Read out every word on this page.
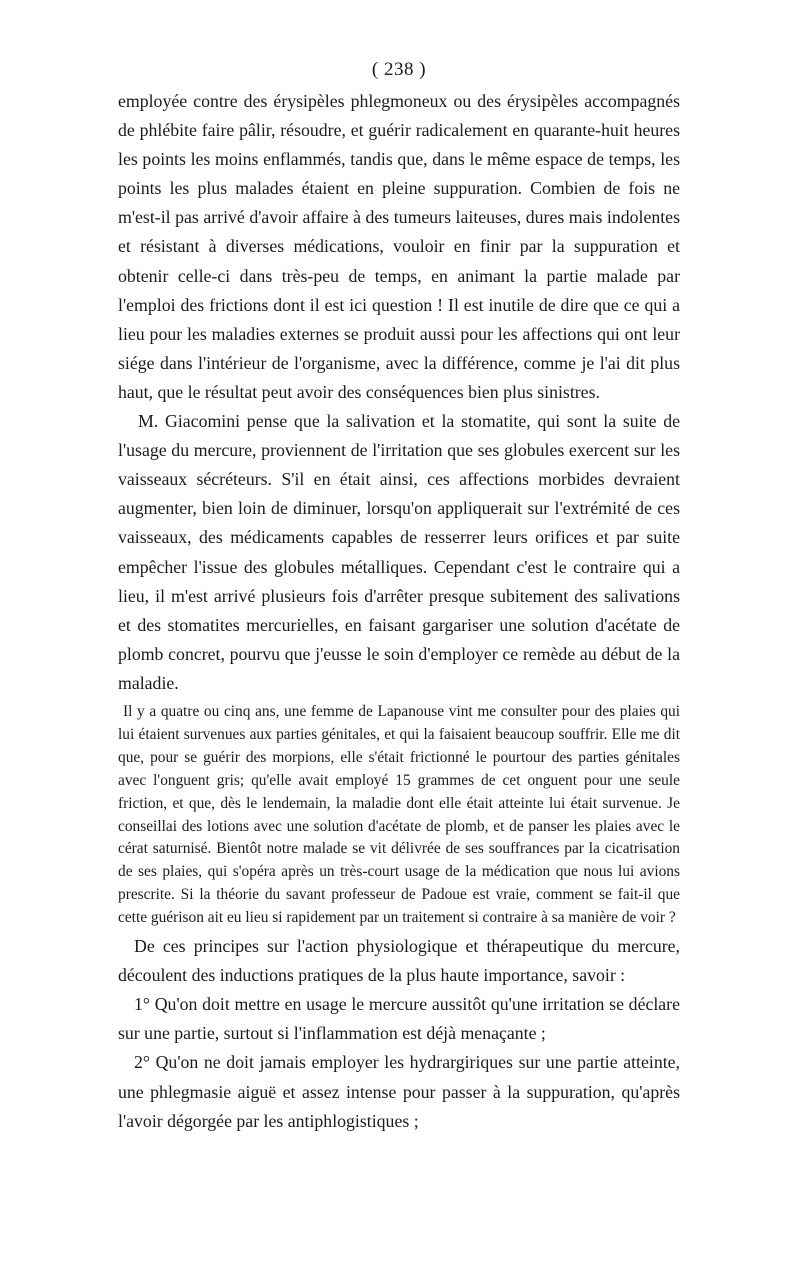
( 238 )

employée contre des érysipèles phlegmoneux ou des érysipèles accompagnés de phlébite faire pâlir, résoudre, et guérir radicalement en quarante-huit heures les points les moins enflammés, tandis que, dans le même espace de temps, les points les plus malades étaient en pleine suppuration. Combien de fois ne m'est-il pas arrivé d'avoir affaire à des tumeurs laiteuses, dures mais indolentes et résistant à diverses médications, vouloir en finir par la suppuration et obtenir celle-ci dans très-peu de temps, en animant la partie malade par l'emploi des frictions dont il est ici question ! Il est inutile de dire que ce qui a lieu pour les maladies externes se produit aussi pour les affections qui ont leur siége dans l'intérieur de l'organisme, avec la différence, comme je l'ai dit plus haut, que le résultat peut avoir des conséquences bien plus sinistres.

M. Giacomini pense que la salivation et la stomatite, qui sont la suite de l'usage du mercure, proviennent de l'irritation que ses globules exercent sur les vaisseaux sécréteurs. S'il en était ainsi, ces affections morbides devraient augmenter, bien loin de diminuer, lorsqu'on appliquerait sur l'extrémité de ces vaisseaux, des médicaments capables de resserrer leurs orifices et par suite empêcher l'issue des globules métalliques. Cependant c'est le contraire qui a lieu, il m'est arrivé plusieurs fois d'arrêter presque subitement des salivations et des stomatites mercurielles, en faisant gargariser une solution d'acétate de plomb concret, pourvu que j'eusse le soin d'employer ce remède au début de la maladie.

Il y a quatre ou cinq ans, une femme de Lapanouse vint me consulter pour des plaies qui lui étaient survenues aux parties génitales, et qui la faisaient beaucoup souffrir. Elle me dit que, pour se guérir des morpions, elle s'était frictionné le pourtour des parties génitales avec l'onguent gris; qu'elle avait employé 15 grammes de cet onguent pour une seule friction, et que, dès le lendemain, la maladie dont elle était atteinte lui était survenue. Je conseillai des lotions avec une solution d'acétate de plomb, et de panser les plaies avec le cérat saturnisé. Bientôt notre malade se vit délivrée de ses souffrances par la cicatrisation de ses plaies, qui s'opéra après un très-court usage de la médication que nous lui avions prescrite. Si la théorie du savant professeur de Padoue est vraie, comment se fait-il que cette guérison ait eu lieu si rapidement par un traitement si contraire à sa manière de voir ?

De ces principes sur l'action physiologique et thérapeutique du mercure, découlent des inductions pratiques de la plus haute importance, savoir :

1° Qu'on doit mettre en usage le mercure aussitôt qu'une irritation se déclare sur une partie, surtout si l'inflammation est déjà menaçante ;

2° Qu'on ne doit jamais employer les hydrargiriques sur une partie atteinte, une phlegmasie aiguë et assez intense pour passer à la suppuration, qu'après l'avoir dégorgée par les antiphlogistiques ;
